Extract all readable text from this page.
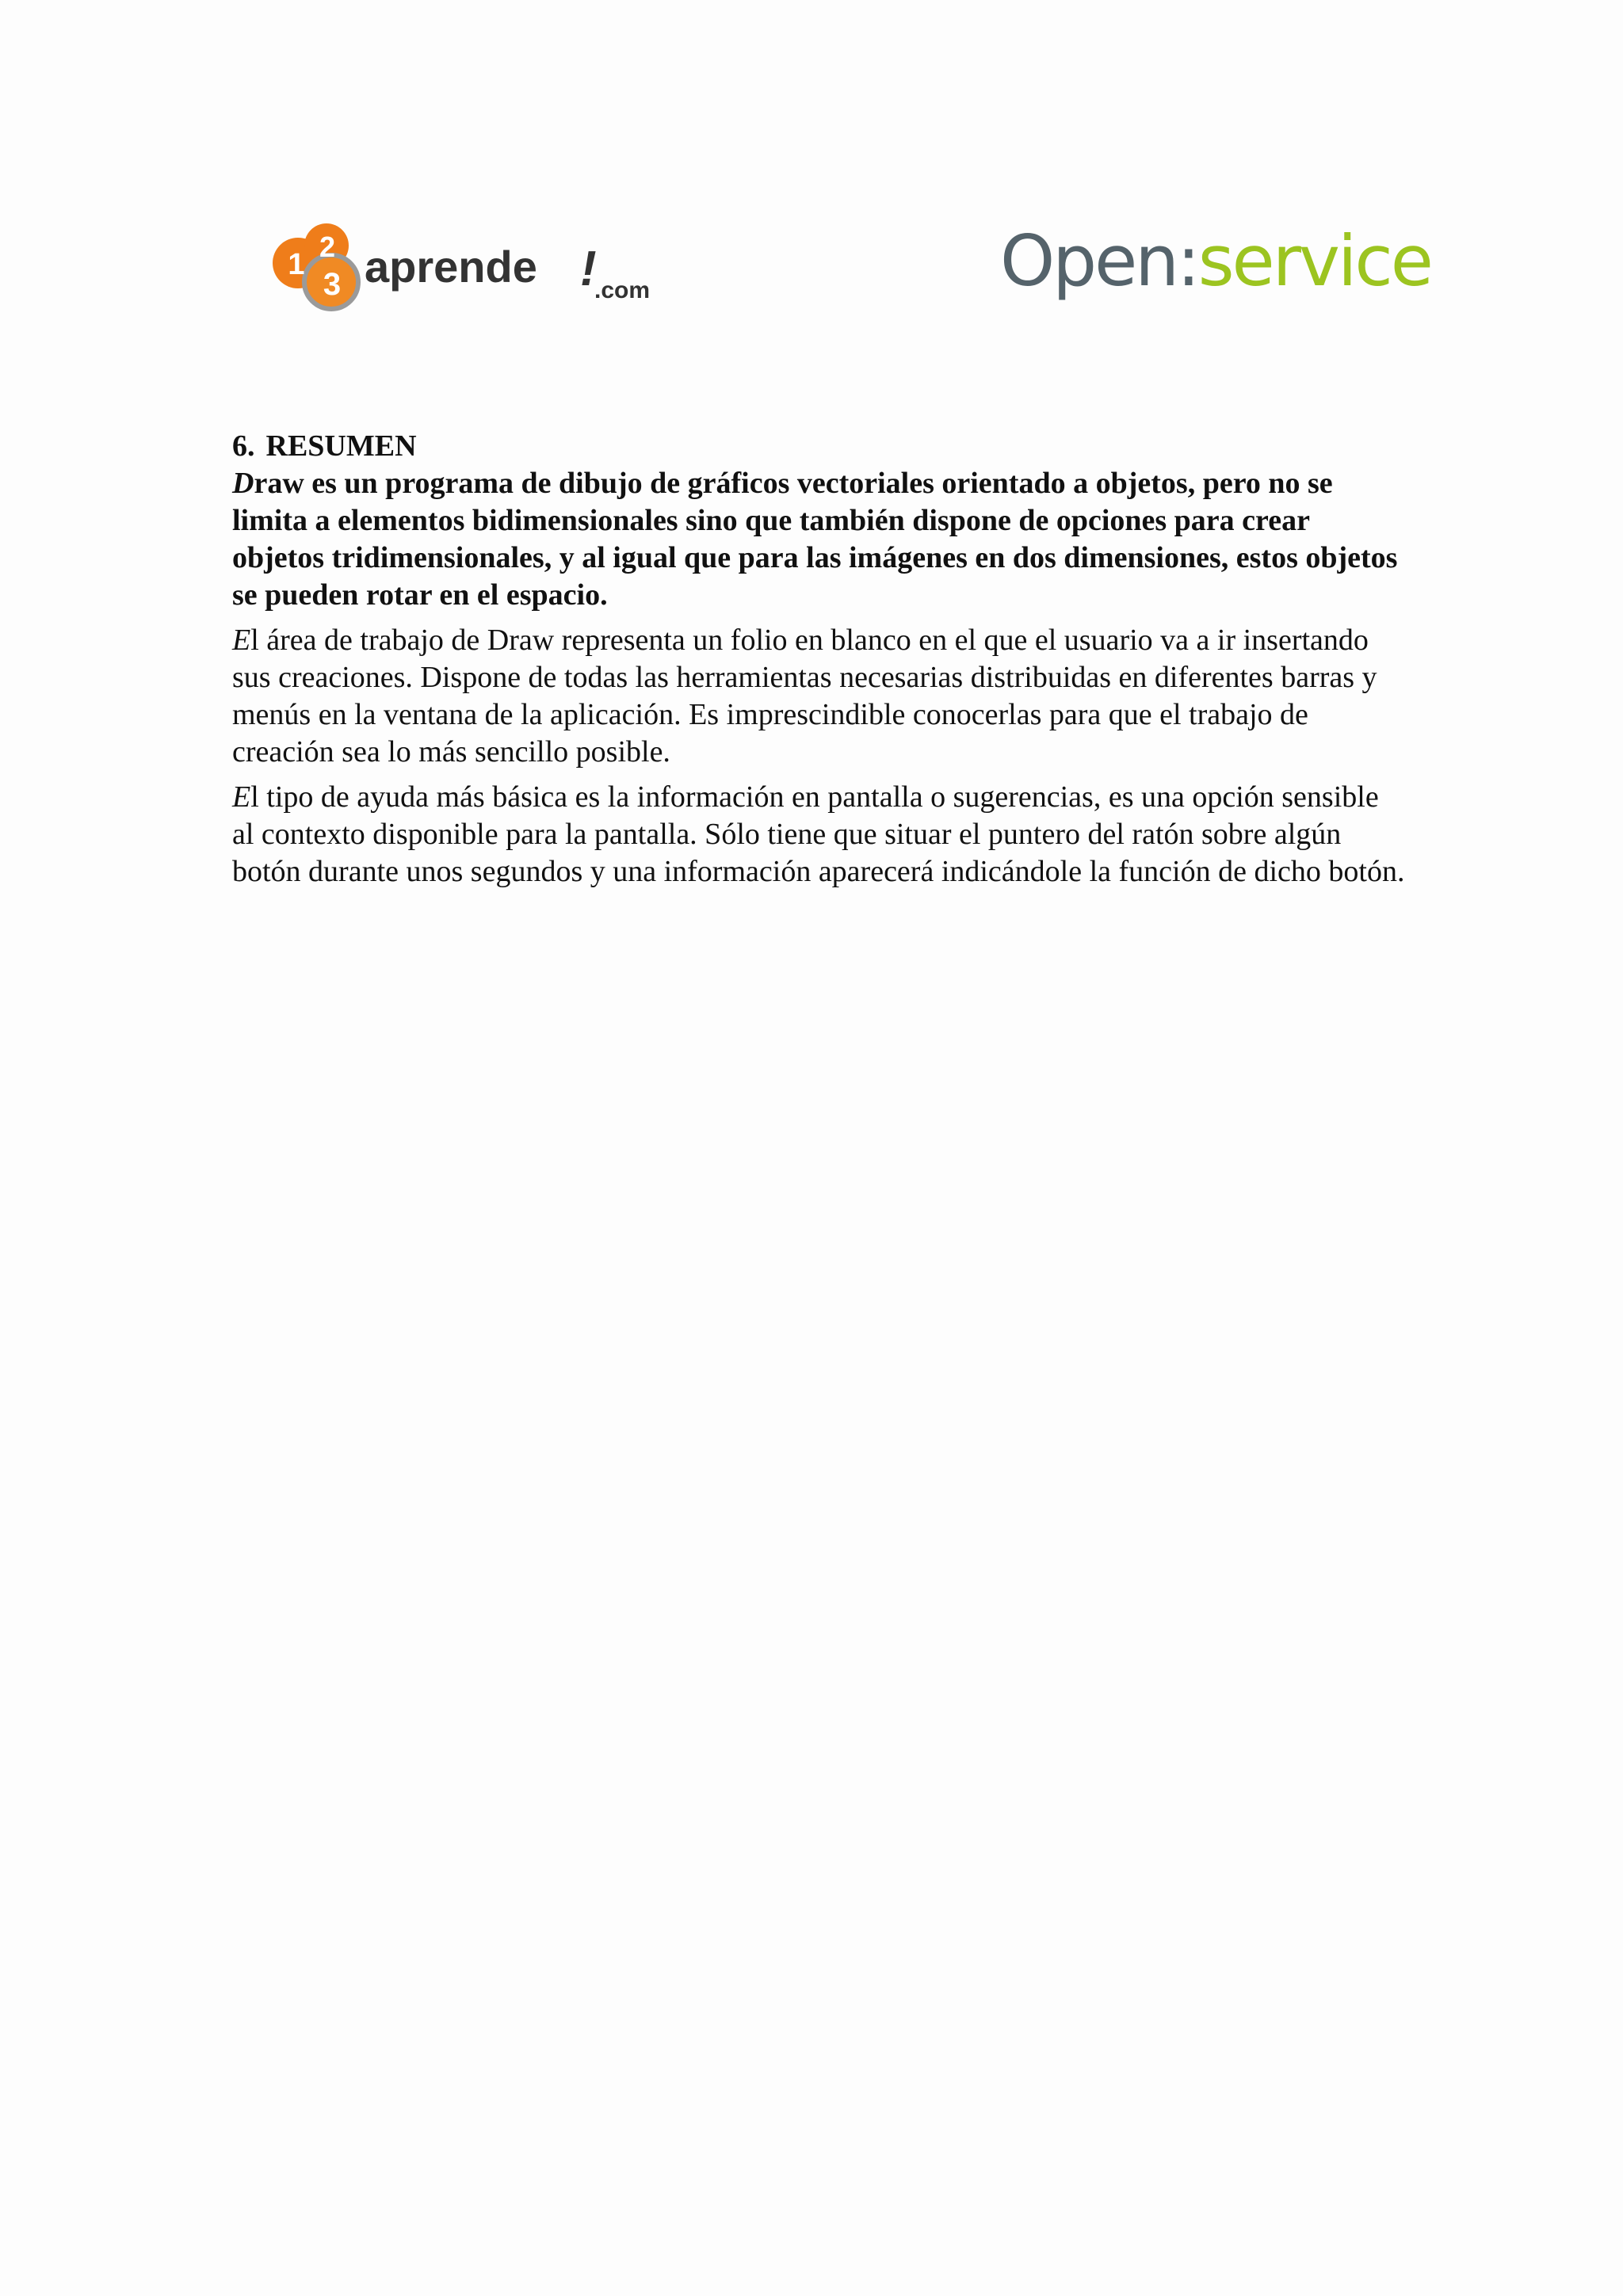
1
2
3 aprende !
.com	Open:service

6. RESUMEN

Draw es un programa de dibujo de gráficos vectoriales orientado a objetos, pero no se limita a elementos bidimensionales sino que también dispone de opciones para crear objetos tridimensionales, y al igual que para las imágenes en dos dimensiones, estos objetos se pueden rotar en el espacio.

El área de trabajo de Draw representa un folio en blanco en el que el usuario va a ir insertando sus creaciones. Dispone de todas las herramientas necesarias distribuidas en diferentes barras y menús en la ventana de la aplicación. Es imprescindible conocerlas para que el trabajo de creación sea lo más sencillo posible.

El tipo de ayuda más básica es la información en pantalla o sugerencias, es una opción sensible al contexto disponible para la pantalla. Sólo tiene que situar el puntero del ratón sobre algún botón durante unos segundos y una información aparecerá indicándole la función de dicho botón.
